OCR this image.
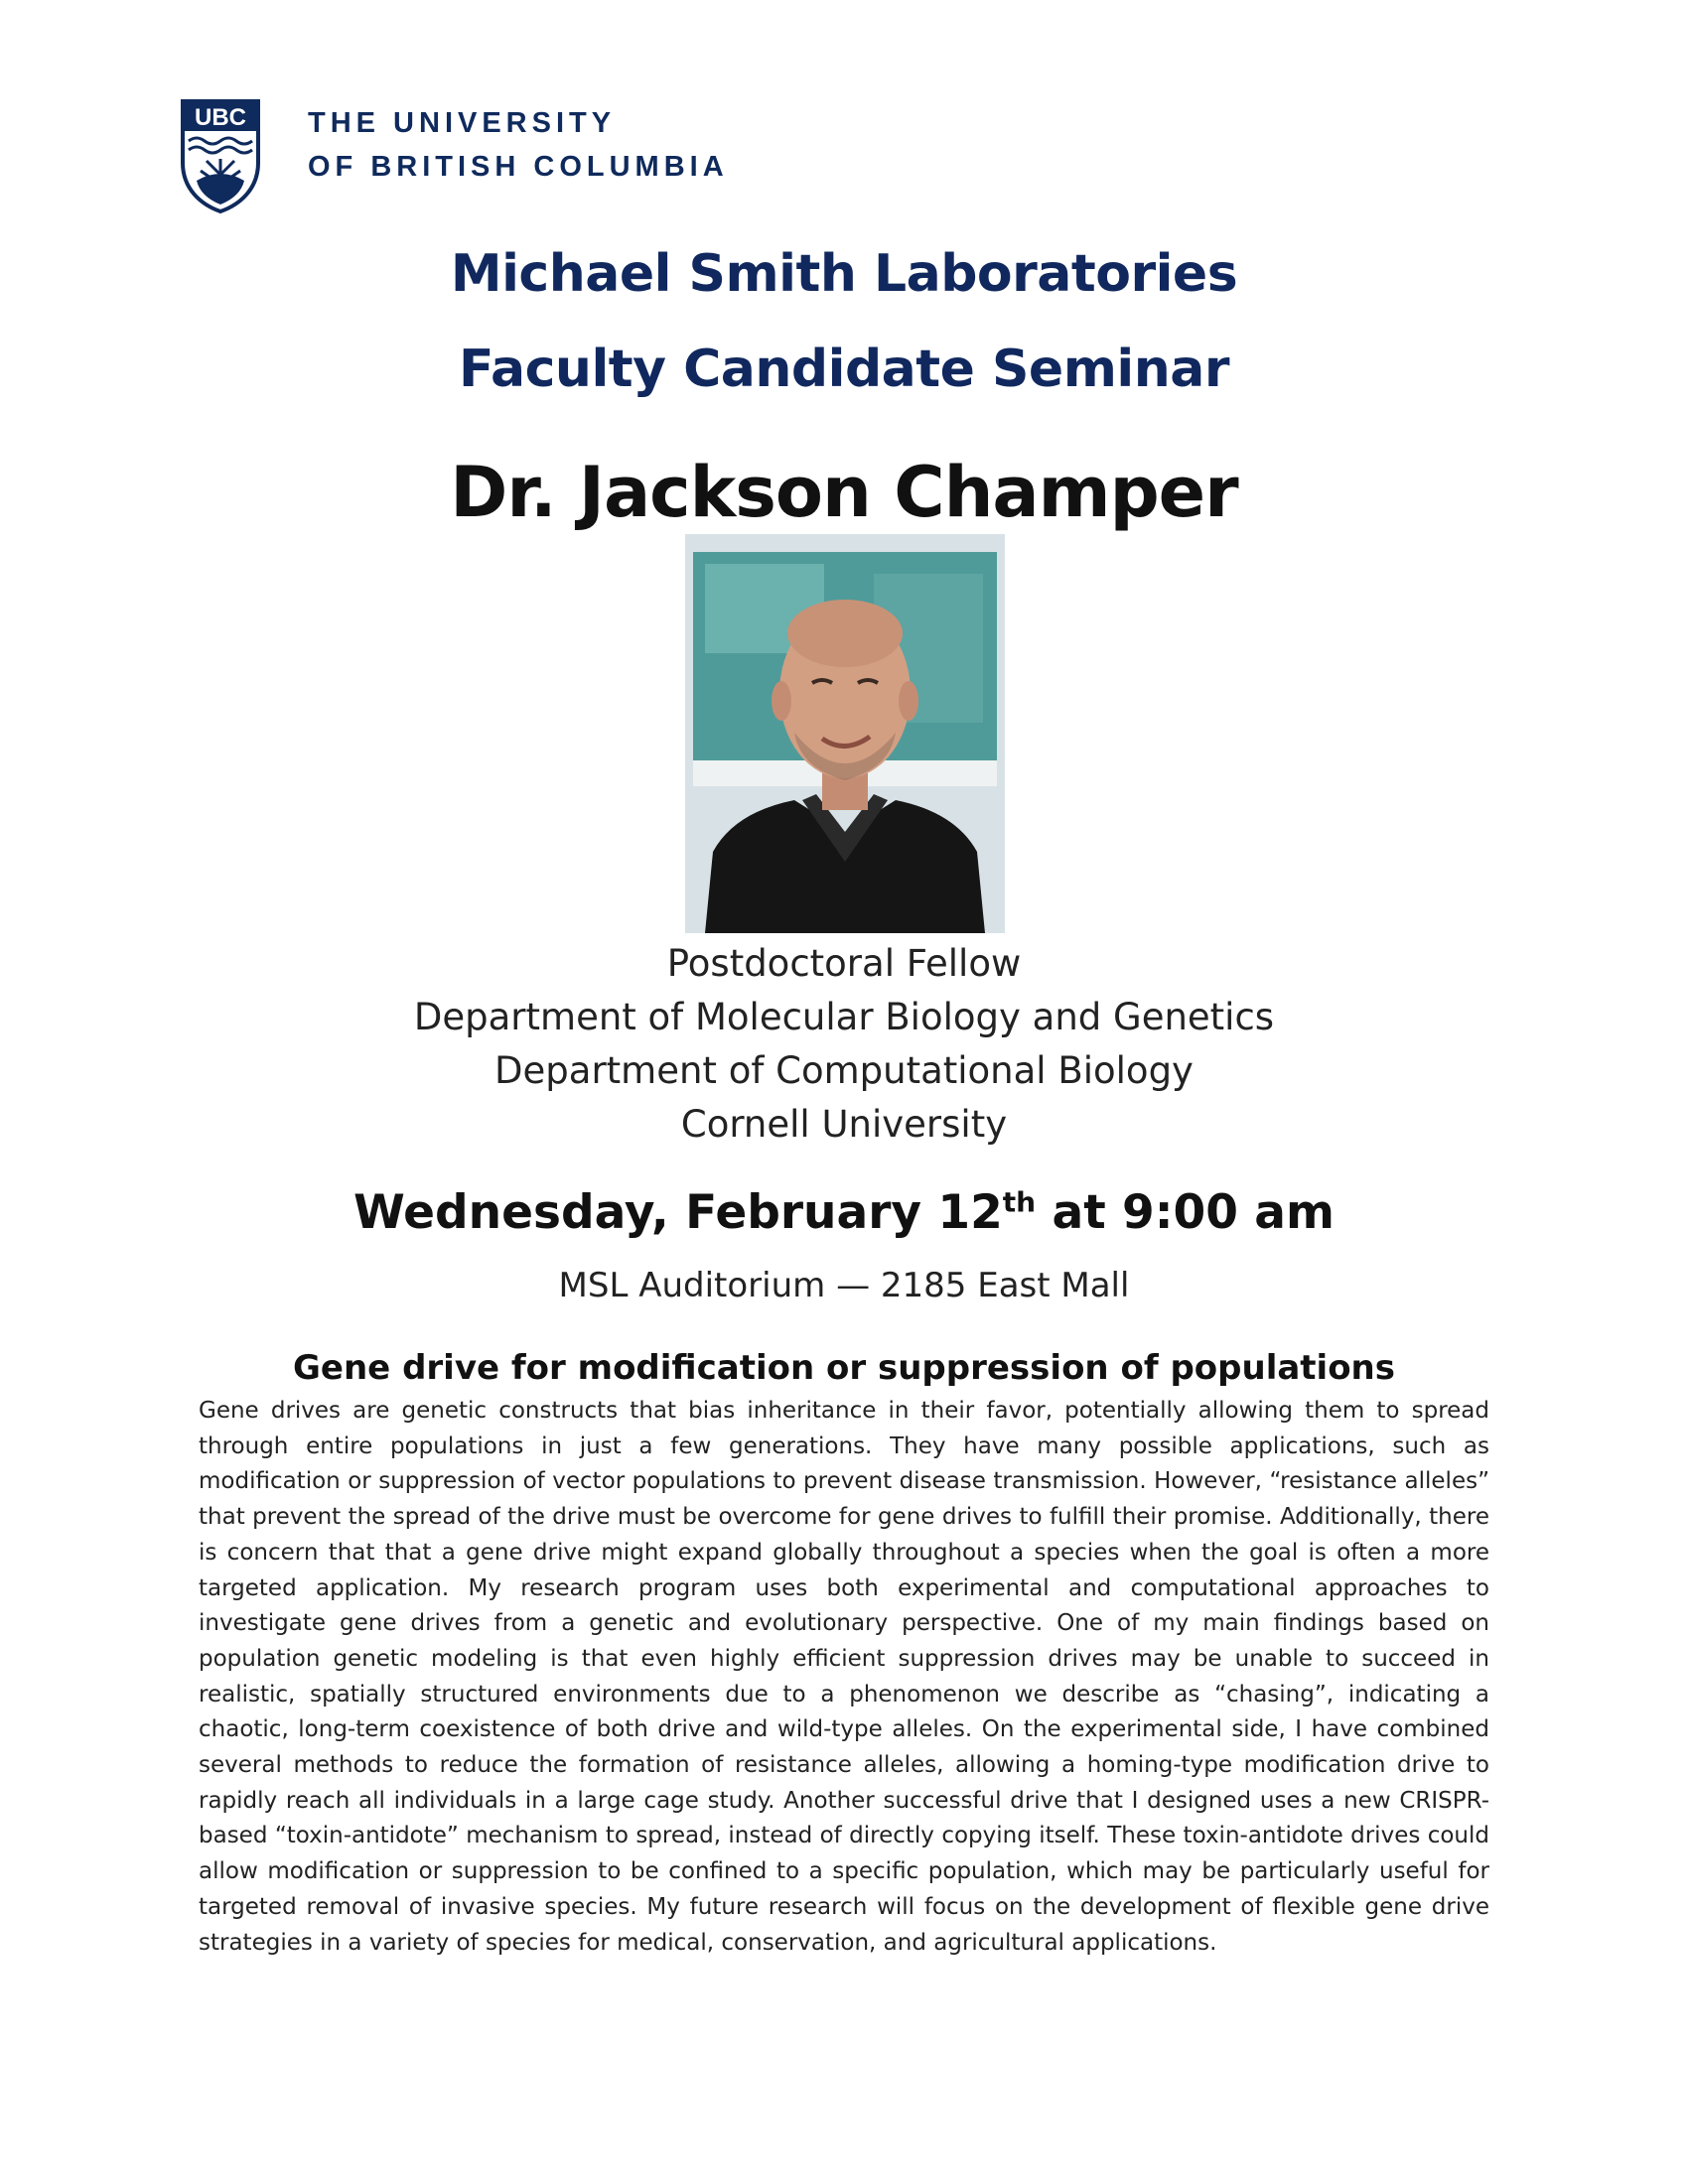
UBC THE UNIVERSITY
OF BRITISH COLUMBIA
Michael Smith Laboratories
Faculty Candidate Seminar
Dr. Jackson Champer
Postdoctoral Fellow
Department of Molecular Biology and Genetics
Department of Computational Biology
Cornell University
Wednesday, February 12th at 9:00 am
MSL Auditorium — 2185 East Mall
Gene drive for modification or suppression of populations

Gene drives are genetic constructs that bias inheritance in their favor, potentially allowing them to spread through entire populations in just a few generations. They have many possible applications, such as modification or suppression of vector populations to prevent disease transmission. However, “resistance alleles” that prevent the spread of the drive must be overcome for gene drives to fulfill their promise. Additionally, there is concern that that a gene drive might expand globally throughout a species when the goal is often a more targeted application. My research program uses both experimental and computational approaches to investigate gene drives from a genetic and evolutionary perspective. One of my main findings based on population genetic modeling is that even highly efficient suppression drives may be unable to succeed in realistic, spatially structured environments due to a phenomenon we describe as “chasing”, indicating a chaotic, long-term coexistence of both drive and wild-type alleles. On the experimental side, I have combined several methods to reduce the formation of resistance alleles, allowing a homing-type modification drive to rapidly reach all individuals in a large cage study. Another successful drive that I designed uses a new CRISPR-based “toxin-antidote” mechanism to spread, instead of directly copying itself. These toxin-antidote drives could allow modification or suppression to be confined to a specific population, which may be particularly useful for targeted removal of invasive species. My future research will focus on the development of flexible gene drive strategies in a variety of species for medical, conservation, and agricultural applications.
